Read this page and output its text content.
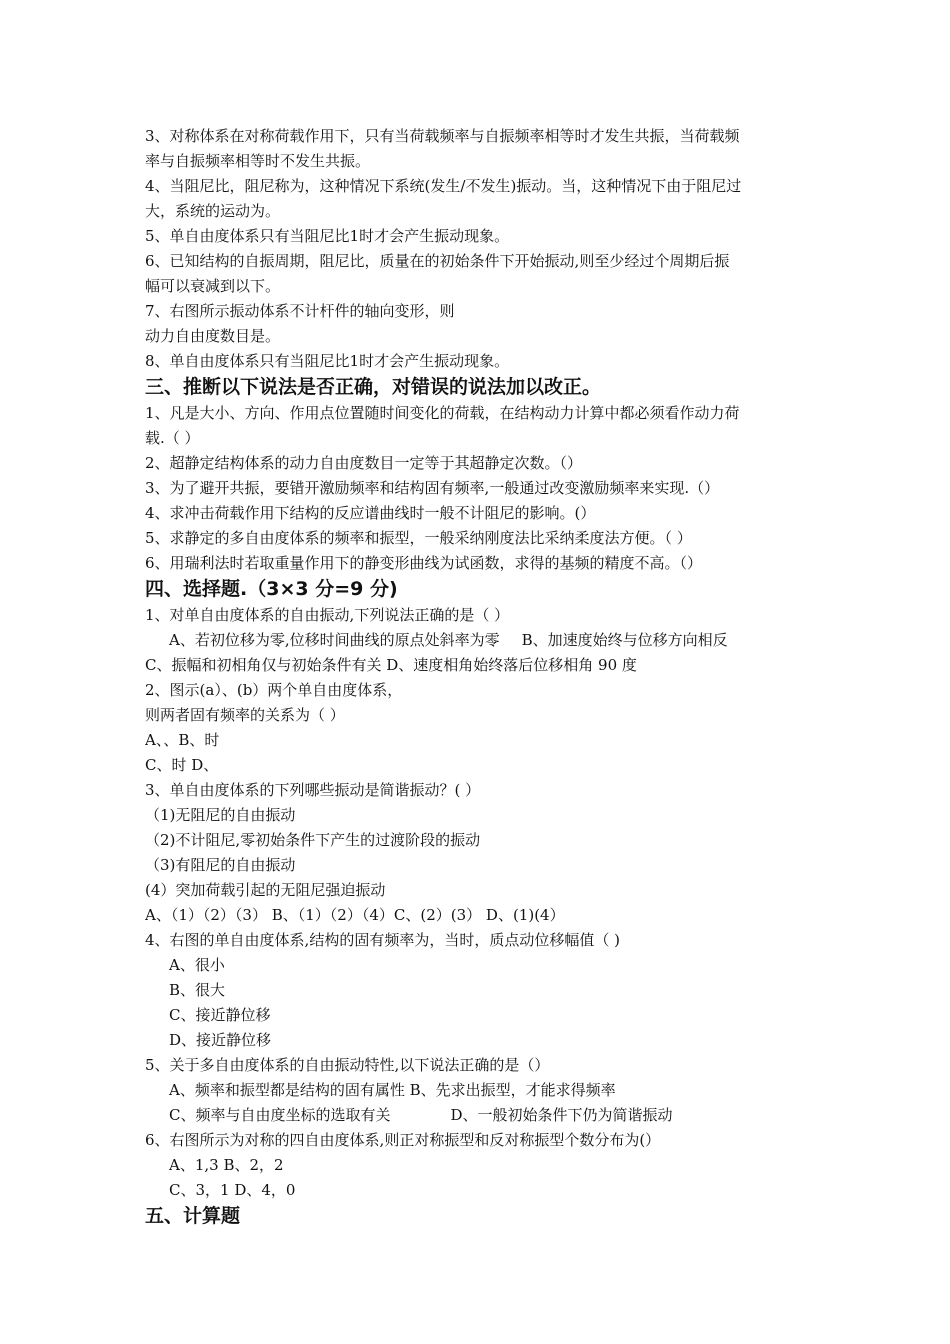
3、对称体系在对称荷载作用下，只有当荷载频率与自振频率相等时才发生共振，当荷载频
率与自振频率相等时不发生共振。
4、当阻尼比，阻尼称为，这种情况下系统(发生/不发生)振动。当，这种情况下由于阻尼过
大，系统的运动为。
5、单自由度体系只有当阻尼比1时才会产生振动现象。
6、已知结构的自振周期，阻尼比，质量在的初始条件下开始振动,则至少经过个周期后振
幅可以衰减到以下。
7、右图所示振动体系不计杆件的轴向变形，则
动力自由度数目是。
8、单自由度体系只有当阻尼比1时才会产生振动现象。
三、推断以下说法是否正确，对错误的说法加以改正。
1、凡是大小、方向、作用点位置随时间变化的荷载，在结构动力计算中都必须看作动力荷
载.（ ）
2、超静定结构体系的动力自由度数目一定等于其超静定次数。（）
3、为了避开共振，要错开激励频率和结构固有频率,一般通过改变激励频率来实现.（）
4、求冲击荷载作用下结构的反应谱曲线时一般不计阻尼的影响。(）
5、求静定的多自由度体系的频率和振型，一般采纳刚度法比采纳柔度法方便。（ ）
6、用瑞利法时若取重量作用下的静变形曲线为试函数，求得的基频的精度不高。（）
四、选择题.（3×3 分=9 分)
1、对单自由度体系的自由振动,下列说法正确的是（ ）
A、若初位移为零,位移时间曲线的原点处斜率为零 B、加速度始终与位移方向相反
C、振幅和初相角仅与初始条件有关 D、速度相角始终落后位移相角 90 度
2、图示(a）、(b）两个单自由度体系，
则两者固有频率的关系为（ ）
A、、B、时
C、时 D、
3、单自由度体系的下列哪些振动是简谐振动？( ）
（1)无阻尼的自由振动
（2)不计阻尼,零初始条件下产生的过渡阶段的振动
（3)有阻尼的自由振动
(4）突加荷载引起的无阻尼强迫振动
A、（1）（2）（3） B、（1）（2）（4）C、(2）(3） D、(1)(4）
4、右图的单自由度体系,结构的固有频率为，当时，质点动位移幅值（ )
A、很小
B、很大
C、接近静位移
D、接近静位移
5、关于多自由度体系的自由振动特性,以下说法正确的是（）
A、频率和振型都是结构的固有属性 B、先求出振型，才能求得频率
C、频率与自由度坐标的选取有关	D、一般初始条件下仍为简谐振动
6、右图所示为对称的四自由度体系,则正对称振型和反对称振型个数分布为(）
A、1,3 B、2，2
C、3，1 D、4，0
五、计算题
